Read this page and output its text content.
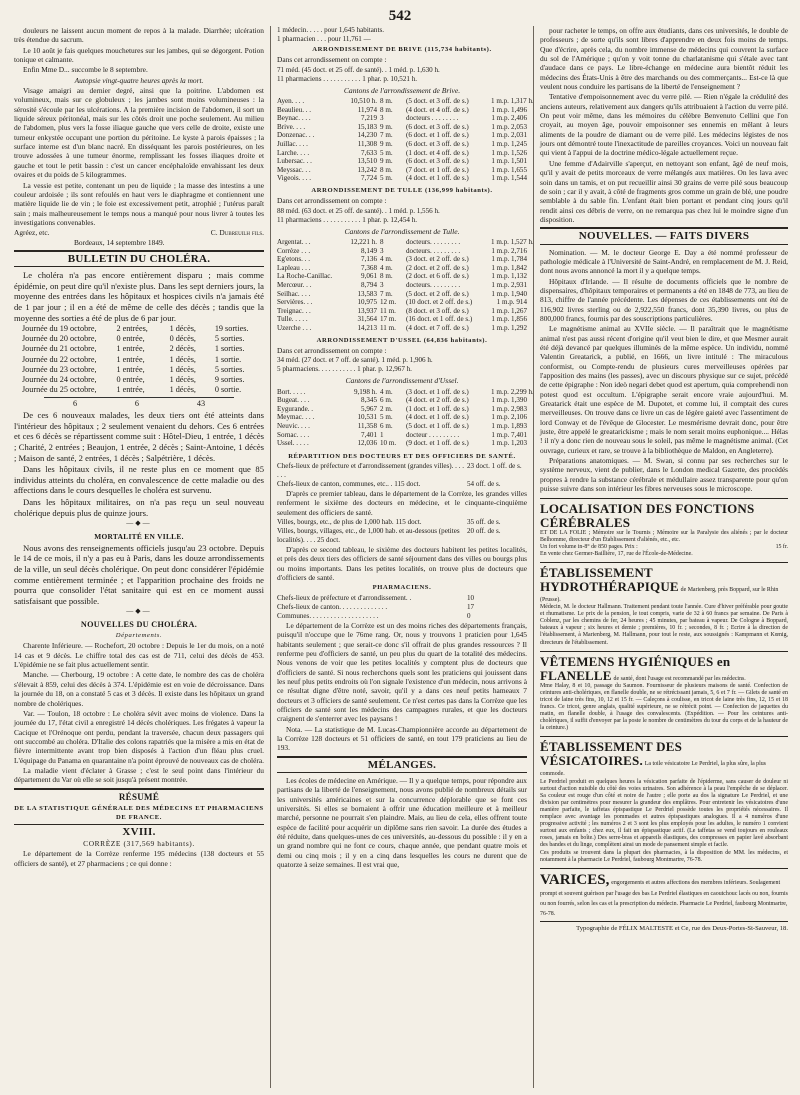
542

douleurs ne laissent aucun moment de repos à la malade. Diarrhée; ulcération très étendue du sacrum.

Le 10 août je fais quelques mouchetures sur les jambes, qui se dégorgent. Potion tonique et calmante.

Enfin Mme D... succombe le 8 septembre.

Autopsie vingt-quatre heures après la mort.

Visage amaigri au dernier degré, ainsi que la poitrine. L'abdomen est volumineux, mais sur ce globuleux ; les jambes sont moins volumineuses : la sérosité s'écoule par les ulcérations. A la première incision de l'abdomen, il sort un liquide séreux péritonéal, mais sur les côtés droit une poche seulement. Au milieu de l'abdomen, plus vers la fosse iliaque gauche que vers celle de droite, existe une tumeur enkystée occupant une portion du péritoine. Le kyste à parois épaisses ; la surface interne est d'un blanc nacré. En disséquant les parois postérieures, on les trouve adossées à une tumeur énorme, remplissant les fosses iliaques droite et gauche et tout le petit bassin : c'est un cancer encéphaloïde envahissant les deux ovaires et du poids de 5 kilogrammes.

La vessie est petite, contenant un peu de liquide ; la masse des intestins a une couleur ardoisée ; ils sont refoulés en haut vers le diaphragme et contiennent une matière liquide lie de vin ; le foie est excessivement petit, atrophié ; l'utérus paraît sain ; mais malheureusement le temps nous a manqué pour nous livrer à toutes les investigations convenables.

Agréez, etc.	C. Dubreuilh fils.

Bordeaux, 14 septembre 1849.

BULLETIN DU CHOLÉRA.

Le choléra n'a pas encore entièrement disparu ; mais comme épidémie, on peut dire qu'il n'existe plus. Dans les sept derniers jours, la moyenne des entrées dans les hôpitaux et hospices civils n'a jamais été de 1 par jour ; il en a été de même de celle des décès ; tandis que la moyenne des sorties a été de plus de 6 par jour.

Journée du 19 octobre,	2 entrées,	1 décès,	19 sorties.
Journée du 20 octobre,	0 entrée,	0 décès,	5 sorties.
Journée du 21 octobre,	1 entrée,	2 décès,	1 sorties.
Journée du 22 octobre,	1 entrée,	1 décès,	1 sortie.
Journée du 23 octobre,	1 entrée,	1 décès,	5 sorties.
Journée du 24 octobre,	0 entrée,	1 décès,	9 sorties.
Journée du 25 octobre,	1 entrée,	1 décès,	0 sortie.
6	6	43

De ces 6 nouveaux malades, les deux tiers ont été atteints dans l'intérieur des hôpitaux ; 2 seulement venaient du dehors. Ces 6 entrées et ces 6 décès se répartissent comme suit : Hôtel-Dieu, 1 entrée, 1 décès ; Charité, 2 entrées ; Beaujon, 1 entrée, 2 décès ; Saint-Antoine, 1 décès ; Maison de santé, 2 entrées, 1 décès ; Salpétrière, 1 décès.

Dans les hôpitaux civils, il ne reste plus en ce moment que 85 individus atteints du choléra, en convalescence de cette maladie ou des affections dans le cours desquelles le choléra est survenu.

Dans les hôpitaux militaires, on n'a pas reçu un seul nouveau cholérique depuis plus de quinze jours.

—◆—
MORTALITÉ EN VILLE.

Nous avons des renseignements officiels jusqu'au 23 octobre. Depuis le 14 de ce mois, il n'y a pas eu à Paris, dans les douze arrondissements de la ville, un seul décès cholérique. On peut donc considérer l'épidémie comme entièrement terminée ; et l'apparition prochaine des froids ne pourra que consolider l'état sanitaire qui est en ce moment aussi satisfaisant que possible.

—◆—
NOUVELLES DU CHOLÉRA.
Départements.

Charente Inférieure. — Rochefort, 20 octobre : Depuis le 1er du mois, on a noté 14 cas et 9 décès. Le chiffre total des cas est de 711, celui des décès de 453. L'épidémie ne se fait plus actuellement sentir.

Manche. — Cherbourg, 19 octobre : A cette date, le nombre des cas de choléra s'élevait à 859, celui des décès à 374. L'épidémie est en voie de décroissance. Dans la journée du 18, on a constaté 5 cas et 3 décès. Il existe dans les hôpitaux un grand nombre de cholériques.

Var. — Toulon, 18 octobre : Le choléra sévit avec moins de violence. Dans la journée du 17, l'état civil a enregistré 14 décès cholériques. Les frégates à vapeur la Cacique et l'Orénoque ont perdu, pendant la traversée, chacun deux passagers qui ont succombé au choléra. D'Italie des colons rapatriés que la misère a mis en état de fièvre intermittente avant trop bien disposés à l'action d'un fléau plus cruel. L'équipage du Panama en quarantaine n'a point éprouvé de nouveaux cas de choléra.

La maladie vient d'éclater à Grasse ; c'est le seul point dans l'intérieur du département du Var où elle se soit jusqu'à présent montrée.

RÉSUMÉ
DE LA STATISTIQUE GÉNÉRALE DES MÉDECINS ET PHARMACIENS DE FRANCE.
XVIII.
CORRÈZE (317,569 habitants).

Le département de la Corrèze renferme 195 médecins (138 docteurs et 55 officiers de santé), et 27 pharmaciens ; ce qui donne :

1 médecin. . . . . pour 1,645 habitants.
1 pharmacien . . . pour 11,761 —
ARRONDISSEMENT DE BRIVE (115,734 habitants).

Dans cet arrondissement on compte :

71 méd. (45 doct. et 25 off. de santé). . 1 méd. p. 1,630 h.
11 pharmaciens . . . . . . . . . . . 1 phar. p. 10,521 h.
Cantons de l'arrondissement de Brive.
Ayen. . . .	10,510 h. 8 m.	(5 doct. et 3 off. de s.)	1 m.p. 1,317 h.
Beaulieu. . .	11,974 8 m.	(4 doct. et 4 off. de s.)	1 m.p. 1,496
Beynac. . . .	7,219 3	docteurs . . . . . . . .	1 m.p. 2,406
Brive. . . .	15,183 9 m.	(6 doct. et 3 off. de s.)	1 m.p. 2,053
Donzenac. . .	14,230 7 m.	(6 doct. et 1 off. de s.)	1 m.p. 2,031
Juillac. . . .	11,308 9 m.	(6 doct. et 3 off. de s.)	1 m.p. 1,245
Larche. . . .	7,633 5 m.	(1 doct. et 4 off. de s.)	1 m.p. 1,526
Lubersac. . .	13,510 9 m.	(6 doct. et 3 off. de s.)	1 m.p. 1,501
Meyssac. . .	13,242 8 m.	(7 doct. et 1 off. de s.)	1 m.p. 1,655
Vigeois. . . .	7,724 5 m.	(4 doct. et 1 off. de s.)	1 m.p. 1,544
ARRONDISSEMENT DE TULLE (136,999 habitants).

Dans cet arrondissement on compte :

88 méd. (63 doct. et 25 off. de santé). . 1 méd. p. 1,556 h.
11 pharmaciens . . . . . . . . . . . 1 phar. p. 12,454 h.
Cantons de l'arrondissement de Tulle.
Argentat. . .	12,221 h. 8	docteurs. . . . . . . . .	1 m.p. 1,527 h.
Corrèze . . .	8,149 3	docteurs. . . . . . . . .	1 m.p. 2,716
Eg'etons. . .	7,136 4 m.	(3 doct. et 2 off. de s.)	1 m.p. 1,784
Lapleau . . .	7,368 4 m.	(2 doct. et 2 off. de s.)	1 m.p. 1,842
La Roche-Canillac.	9,061 8 m.	(2 doct. et 6 off. de s.)	1 m.p. 1,132
Mercœur. . .	8,794 3	docteurs. . . . . . . . .	1 m.p. 2,931
Seilhac. . . .	13,583 7 m.	(5 doct. et 2 off. de s.)	1 m.p. 1,940
Servières. . .	10,975 12 m.	(10 doct. et 2 off. de s.)	1 m.p. 914
Treignac. . .	13,937 11 m.	(8 doct. et 3 off. de s.)	1 m.p. 1,267
Tulle. . . . .	31,564 17 m.	(16 doct. et 1 off. de s.)	1 m.p. 1,856
Uzerche . . .	14,213 11 m.	(4 doct. et 7 off. de s.)	1 m.p. 1,292
ARRONDISSEMENT D'USSEL (64,836 habitants).

Dans cet arrondissement on compte :

34 méd. (27 doct. et 7 off. de santé). 1 méd. p. 1,906 h.
5 pharmaciens. . . . . . . . . . . 1 phar. p. 12,967 h.
Cantons de l'arrondissement d'Ussel.
Bort. . . . .	9,198 h. 4 m.	(3 doct. et 1 off. de s.)	1 m.p. 2,299 h.
Bugeat. . . .	8,345 6 m.	(4 doct. et 2 off. de s.)	1 m.p. 1,390
Eygurande. .	5,967 2 m.	(1 doct. et 1 off. de s.)	1 m.p. 2,983
Meymac. . . .	10,531 5 m.	(4 doct. et 1 off. de s.)	1 m.p. 2,106
Neuvic. . . .	11,358 6 m.	(5 doct. et 1 off. de s.)	1 m.p. 1,893
Sornac. . . .	7,401 1	docteur . . . . . . . . .	1 m.p. 7,401
Ussel. . . . .	12,036 10 m.	(9 doct. et 1 off. de s.)	1 m.p. 1,203
RÉPARTITION DES DOCTEURS ET DES OFFICIERS DE SANTÉ.
Chefs-lieux de préfecture et d'arrondissement (grandes villes). . . . . . .
23 doct. 1 off. de s.
Chefs-lieux de canton, communes, etc.. . 115 doct.	54 off. de s.

D'après ce premier tableau, dans le département de la Corrèze, les grandes villes renferment le sixième des docteurs en médecine, et le cinquante-cinquième seulement des officiers de santé.

Villes, bourgs, etc., de plus de 1,000 hab. 115 doct.	35 off. de s.
Villes, bourgs, villages, etc., de 1,000 hab. et au-dessous (petites localités). . . . 25 doct.
20 off. de s.

D'après ce second tableau, le sixième des docteurs habitent les petites localités, et près des deux tiers des officiers de santé séjournent dans des villes ou bourgs plus ou moins importants. Dans les petites localités, on trouve plus de docteurs que d'officiers de santé.

PHARMACIENS.
Chefs-lieux de préfecture et d'arrondissement. .	10
Chefs-lieux de canton. . . . . . . . . . . . . .	17
Communes. . . . . . . . . . . . . . . . . . . .	0

Le département de la Corrèze est un des moins riches des départements français, puisqu'il n'occupe que le 76me rang. Or, nous y trouvons 1 praticien pour 1,645 habitants seulement ; que serait-ce donc s'il offrait de plus grandes ressources ? Il renferme peu d'officiers de santé, un peu plus du quart de la totalité des médecins. Nous venons de voir que les petites localités y comptent plus de docteurs que d'officiers de santé. Si nous recherchons quels sont les praticiens qui jouissent dans les neuf plus petits endroits où l'on signale l'existence d'un médecin, nous arrivons à ce résultat digne d'être noté, savoir, qu'il y a dans ces neuf petits hameaux 7 docteurs et 3 officiers de santé seulement. Ce n'est certes pas dans la Corrèze que les officiers de santé sont les médecins des campagnes rurales, et que les docteurs craignent de s'enterrer avec les paysans !

Nota. — La statistique de M. Lucas-Championnière accorde au département de la Corrèze 128 docteurs et 51 officiers de santé, en tout 179 praticiens au lieu de 193.

MÉLANGES.

Les écoles de médecine en Amérique. — Il y a quelque temps, pour répondre aux partisans de la liberté de l'enseignement, nous avons publié de nombreux détails sur les universités américaines et sur la concurrence déplorable que se font ces universités. Si elles se bornaient à offrir une éducation meilleure et à meilleur marché, personne ne pourrait s'en plaindre. Mais, au lieu de cela, elles offrent toute espèce de facilité pour acquérir un diplôme sans rien savoir. La durée des études a été réduite, dans quelques-unes de ces universités, au-dessous du possible : il y en a un grand nombre qui ne font ce cours, chaque année, que pendant quatre mois et demi ou cinq mois ; il y en a cinq dans lesquelles les cours ne durent que de quatorze à seize semaines. Il est vrai que,

pour racheter le temps, on offre aux étudiants, dans ces universités, le double de professeurs ; de sorte qu'ils sont libres d'apprendre en deux fois moins de temps. Que d'écrire, après cela, du nombre immense de médecins qui couvrent la surface du sol de l'Amérique ; qu'on y voit tonne du charlatanisme qui s'étale avec tant d'audace dans ce pays. Le libre-échange en médecine aura bientôt réduit les médecins des États-Unis à être des marchands ou des commerçants... Est-ce là que veulent nous conduire les partisans de la liberté de l'enseignement ?

Tentative d'empoisonnement avec du verre pilé. — Rien n'égale la crédulité des anciens auteurs, relativement aux dangers qu'ils attribuaient à l'action du verre pilé. On peut voir même, dans les mémoires du célèbre Benvenuto Cellini que l'on croyait, au moyen âge, pouvoir empoisonner ses ennemis en mêlant à leurs aliments de la poudre de diamant ou de verre pilé. Les médecins légistes de nos jours ont démontré toute l'inexactitude de pareilles croyances. Voici un nouveau fait qui vient à l'appui de la doctrine médico-légale actuellement reçue.

Une femme d'Adairville s'aperçut, en nettoyant son enfant, âgé de neuf mois, qu'il y avait de petits morceaux de verre mélangés aux matières. On les lava avec soin dans un tamis, et on put recueillir ainsi 30 grains de verre pilé sous beaucoup de soin ; car il y avait, à côté de fragments gros comme un grain de blé, une poudre semblable à du sable fin. L'enfant était bien portant et pendant cinq jours qu'il rendit ainsi ces débris de verre, on ne remarqua pas chez lui le moindre signe d'un disposition.

NOUVELLES. — FAITS DIVERS

Nomination. — M. le docteur George E. Day a été nommé professeur de pathologie médicale à l'Université de Saint-André, en remplacement de M. J. Reid, dont nous avons annoncé la mort il y a quelque temps.

Hôpitaux d'Irlande. — Il résulte de documents officiels que le nombre de dispensaires, d'hôpitaux temporaires et permanents a été en 1848 de 773, au lieu de 813, chiffre de l'année précédente. Les dépenses de ces établissements ont été de 116,902 livres sterling ou de 2,922,550 francs, dont 35,390 livres, ou plus de 800,000 francs, fournis par des souscriptions particulières.

Le magnétisme animal au XVIIe siècle. — Il paraîtrait que le magnétisme animal n'est pas aussi récent d'origine qu'il veut bien le dire, et que Mesmer aurait été déjà devancé par quelques illuminés de la même espèce. Un individu, nommé Valentin Greatarick, a publié, en 1666, un livre intitulé : The miraculous conformist, ou Compte-rendu de plusieurs cures merveilleuses opérées par l'apposition des mains (les passes), avec un discours physique sur ce sujet, précédé de cette épigraphe : Non ideò negari debet quod est apertum, quia comprehendi non potest quod est occultum. L'épigraphe serait encore vraie aujourd'hui. M. Greatarick était une espèce de M. Dupotet, et comme lui, il comptait des cures merveilleuses. On trouve dans ce livre un cas de légère gaieté avec l'assentiment de lord Conway et de l'évêque de Glocester. Le mesmérisme devrait donc, pour être juste, être appelé le greatarickisme ; mais le nom serait moins euphonique.... Hélas ! il n'y a donc rien de nouveau sous le soleil, pas même le magnétisme animal. (Cet ouvrage, curieux et rare, se trouve à la bibliothèque de Maldon, en Angleterre).

Préparations anatomiques. — M. Swan, si connu par ses recherches sur le système nerveux, vient de publier, dans le London medical Gazette, des procédés propres à rendre la substance cérébrale et médullaire assez transparente pour qu'on puisse suivre dans son intérieur les fibres nerveuses sous le microscope.

LOCALISATION DES FONCTIONS CÉRÉBRALES
ET DE LA FOLIE ; Mémoire sur le Tournis ; Mémoire sur la Paralysie des aliénés ; par le docteur Belhomme, directeur d'un Établissement d'aliénés, etc., etc.
Un fort volume in-8° de 850 pages. Prix :	15 fr.
En vente chez Germer-Baillière, 17, rue de l'École-de-Médecine.
ÉTABLISSEMENT HYDROTHÉRAPIQUE de Marienberg, près Boppard, sur le Rhin (Prusse).
Médecin, M. le docteur Hallmann. Traitement pendant toute l'année. Cure d'hiver préférable pour goutte et rhumatisme. Le prix de la pension, le tout compris, varie de 32 à 60 francs par semaine. De Paris à Coblenz, par les chemins de fer, 24 heures ; 45 minutes, par bateau à vapeur. De Cologne à Boppard, bateaux à vapeur ; six heures et demie ; premières, 10 fr. ; secondes, 8 fr. ; Ecrire à la direction de l'établissement, à Marienberg, M. Hallmann, pour tout le reste, aux soussignés : Kampmann et Kœnig, directeurs de l'établissement.
VÊTEMENS HYGIÉNIQUES en FLANELLE de santé, dont l'usage est recommandé par les médecins.
Mme Halay, 8 et 10, passage du Saumon. Fournisseur de plusieurs maisons de santé. Confection de ceintures anti-cholériques, en flanelle double, ne se rétrécissant jamais, 5, 6 et 7 fr. — Gilets de santé en tricot de laine très fins, 10, 12 et 15 fr. — Caleçons à coulisse, en tricot de laine très fins, 12, 15 et 18 francs. Ce tricot, genre anglais, qualité supérieure, ne se rétrécit point. — Confection de jaquettes du matin, en flanelle double, à l'usage des convalescents. (Expédition. — Pour les ceintures anti-cholériques, il suffit d'envoyer par la poste le nombre de centimètres du tour du corps et de la hauteur de la ceinture.)
ÉTABLISSEMENT DES VÉSICATOIRES. La toile vésicatoire Le Perdriel, la plus sûre, la plus commode.
Le Perdriel produit en quelques heures la vésication parfaite de l'épiderme, sans causer de douleur ni surtout d'action nuisible du côté des voies urinaires. Son adhérence à la peau l'empêche de se déplacer. Sa couleur est rouge d'un côté et noire de l'autre ; elle porte au dos la signature Le Perdriel, et une division par centimètres pour mesurer la grandeur des emplâtres. Pour entretenir les vésicatoires d'une manière parfaite, le taffetas épispastique Le Perdriel possède toutes les propriétés nécessaires. Il remplace avec avantage les pommades et autres épispastiques analogues. Il a 4 numéros d'une progressive activité ; les numéros 2 et 3 sont les plus employés pour les adultes, le numéro 1 convient surtout aux enfants ; chez eux, il fait un épispastique actif. (Le taffetas se vend toujours en rouleaux roses, jamais en boîte.) Des serre-bras et appareils élastiques, des compresses en papier lavé absorbant des bandes et du linge, complètent ainsi un mode de pansement simple et facile.
Ces produits se trouvent dans la plupart des pharmacies, à la disposition de MM. les médecins, et notamment à la pharmacie Le Perdriel, faubourg Montmartre, 76-78.
VARICES, engorgements et autres affections des membres inférieurs. Soulagement prompt et souvent guérison par l'usage des bas Le Perdriel élastiques en caoutchouc lacés ou non, fournis ou non fourrés, selon les cas et la prescription du médecin. Pharmacie Le Perdriel, faubourg Montmartre, 76-78.
Typographie de FÉLIX MALTESTE et Ce, rue des Deux-Portes-St-Sauveur, 18.
